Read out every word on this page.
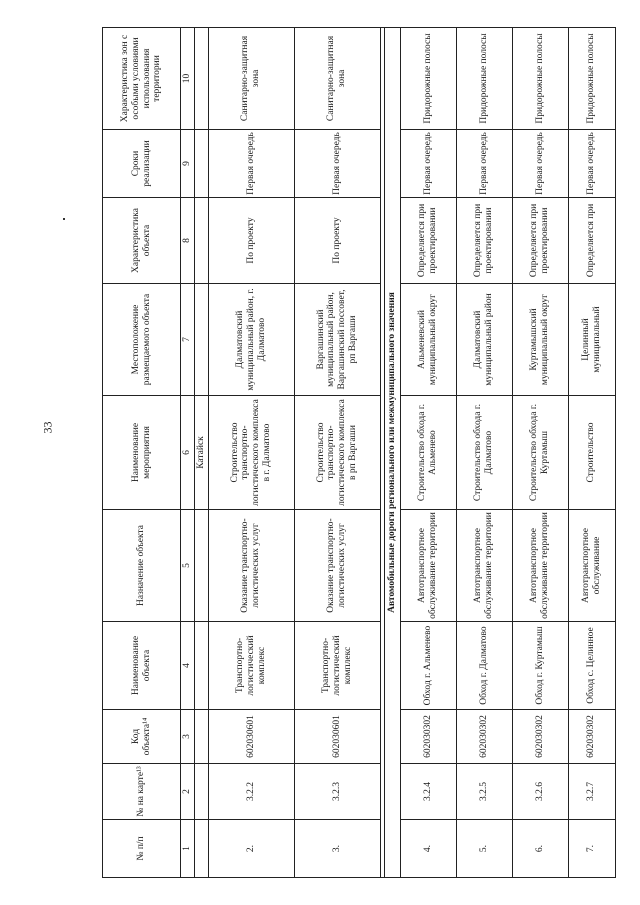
33
№ п/п	№ на карте¹³	Код объекта¹⁴	Наименование объекта	Назначение объекта	Наименование мероприятия	Местоположение размещаемого объекта	Характеристика объекта	Сроки реализации	Характеристика зон с особыми условиями использования территории
1	2	3	4	5	6	7	8	9	10
					Катайск				
2.	3.2.2	602030601	Транспортно-логистический комплекс	Оказание транспортно-логистических услуг	Строительство транспортно-логистического комплекса в г. Далматово	Далматовский муниципальный район, г. Далматово	По проекту	Первая очередь	Санитарно-защитная зона
3.	3.2.3	602030601	Транспортно-логистический комплекс	Оказание транспортно-логистических услуг	Строительство транспортно-логистического комплекса в рп Варгаши	Варгашинский муниципальный район, Варгашинский поссовет, рп Варгаши	По проекту	Первая очередь	Санитарно-защитная зона

Автомобильные дороги регионального или межмуниципального значения									
4.	3.2.4	602030302	Обход г. Альменево	Автотранспортное обслуживание территории	Строительство обхода г. Альменево	Альменевский муниципальный округ	Определяется при проектировании	Первая очередь	Придорожные полосы
5.	3.2.5	602030302	Обход г. Далматово	Автотранспортное обслуживание территории	Строительство обхода г. Далматово	Далматовский муниципальный район	Определяется при проектировании	Первая очередь	Придорожные полосы
6.	3.2.6	602030302	Обход г. Куртамыш	Автотранспортное обслуживание территории	Строительство обхода г. Куртамыш	Куртамышский муниципальный округ	Определяется при проектировании	Первая очередь	Придорожные полосы
7.	3.2.7	602030302	Обход с. Целинное	Автотранспортное обслуживание	Строительство	Целинный муниципальный	Определяется при	Первая очередь	Придорожные полосы
